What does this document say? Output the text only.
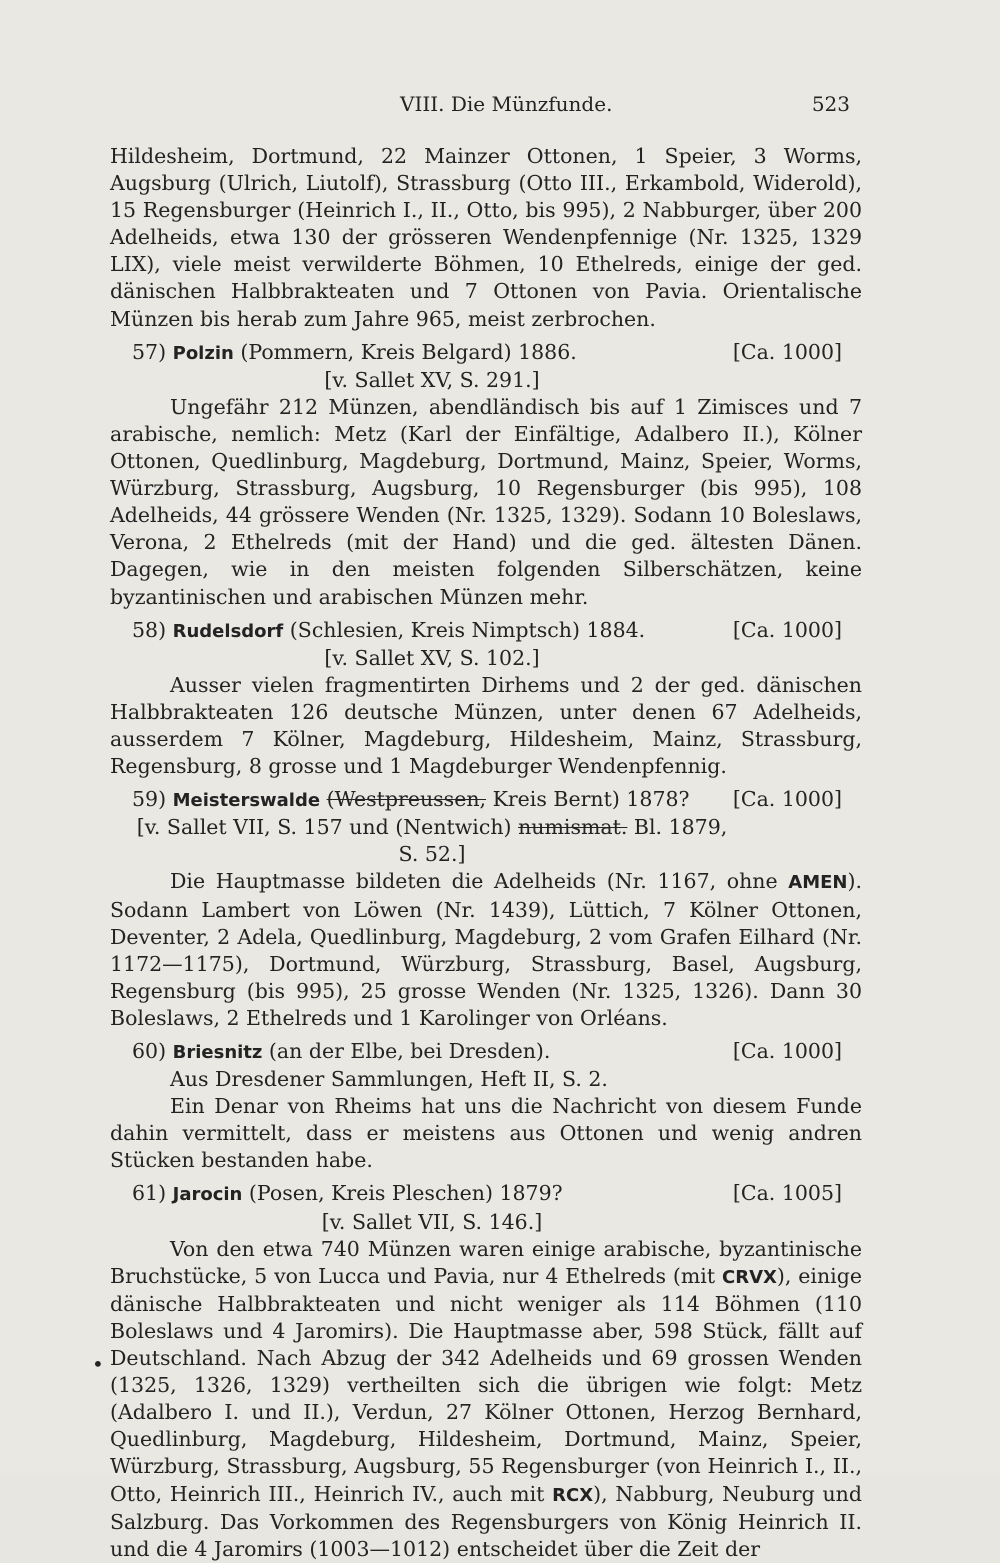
VIII. Die Münzfunde.	523

Hildesheim, Dortmund, 22 Mainzer Ottonen, 1 Speier, 3 Worms, Augsburg (Ulrich, Liutolf), Strassburg (Otto III., Erkambold, Widerold), 15 Regensburger (Heinrich I., II., Otto, bis 995), 2 Nabburger, über 200 Adelheids, etwa 130 der grösseren Wendenpfennige (Nr. 1325, 1329 LIX), viele meist verwilderte Böhmen, 10 Ethelreds, einige der ged. dänischen Halbbrakteaten und 7 Ottonen von Pavia. Orientalische Münzen bis herab zum Jahre 965, meist zerbrochen.

57) Polzin (Pommern, Kreis Belgard) 1886.	[Ca. 1000]
[v. Sallet XV, S. 291.]

Ungefähr 212 Münzen, abendländisch bis auf 1 Zimisces und 7 arabische, nemlich: Metz (Karl der Einfältige, Adalbero II.), Kölner Ottonen, Quedlinburg, Magdeburg, Dortmund, Mainz, Speier, Worms, Würzburg, Strassburg, Augsburg, 10 Regensburger (bis 995), 108 Adelheids, 44 grössere Wenden (Nr. 1325, 1329). Sodann 10 Boleslaws, Verona, 2 Ethelreds (mit der Hand) und die ged. ältesten Dänen. Dagegen, wie in den meisten folgenden Silberschätzen, keine byzantinischen und arabischen Münzen mehr.

58) Rudelsdorf (Schlesien, Kreis Nimptsch) 1884.	[Ca. 1000]
[v. Sallet XV, S. 102.]

Ausser vielen fragmentirten Dirhems und 2 der ged. dänischen Halbbrakteaten 126 deutsche Münzen, unter denen 67 Adelheids, ausserdem 7 Kölner, Magdeburg, Hildesheim, Mainz, Strassburg, Regensburg, 8 grosse und 1 Magdeburger Wendenpfennig.

59) Meisterswalde (Westpreussen, Kreis Bernt) 1878? [Ca. 1000]
[v. Sallet VII, S. 157 und (Nentwich) numismat. Bl. 1879, S. 52.]

Die Hauptmasse bildeten die Adelheids (Nr. 1167, ohne AMEN). Sodann Lambert von Löwen (Nr. 1439), Lüttich, 7 Kölner Ottonen, Deventer, 2 Adela, Quedlinburg, Magdeburg, 2 vom Grafen Eilhard (Nr. 1172—1175), Dortmund, Würzburg, Strassburg, Basel, Augsburg, Regensburg (bis 995), 25 grosse Wenden (Nr. 1325, 1326). Dann 30 Boleslaws, 2 Ethelreds und 1 Karolinger von Orléans.

60) Briesnitz (an der Elbe, bei Dresden).	[Ca. 1000]

Aus Dresdener Sammlungen, Heft II, S. 2.

Ein Denar von Rheims hat uns die Nachricht von diesem Funde dahin vermittelt, dass er meistens aus Ottonen und wenig andren Stücken bestanden habe.

61) Jarocin (Posen, Kreis Pleschen) 1879?	[Ca. 1005]
[v. Sallet VII, S. 146.]

Von den etwa 740 Münzen waren einige arabische, byzantinische Bruchstücke, 5 von Lucca und Pavia, nur 4 Ethelreds (mit CRVX), einige dänische Halbbrakteaten und nicht weniger als 114 Böhmen (110 Boleslaws und 4 Jaromirs). Die Hauptmasse aber, 598 Stück, fällt auf Deutschland. Nach Abzug der 342 Adelheids und 69 grossen Wenden (1325, 1326, 1329) vertheilten sich die übrigen wie folgt: Metz (Adalbero I. und II.), Verdun, 27 Kölner Ottonen, Herzog Bernhard, Quedlinburg, Magdeburg, Hildesheim, Dortmund, Mainz, Speier, Würzburg, Strassburg, Augsburg, 55 Regensburger (von Heinrich I., II., Otto, Heinrich III., Heinrich IV., auch mit RCX), Nabburg, Neuburg und Salzburg. Das Vorkommen des Regensburgers von König Heinrich II. und die 4 Jaromirs (1003—1012) entscheidet über die Zeit der

•
